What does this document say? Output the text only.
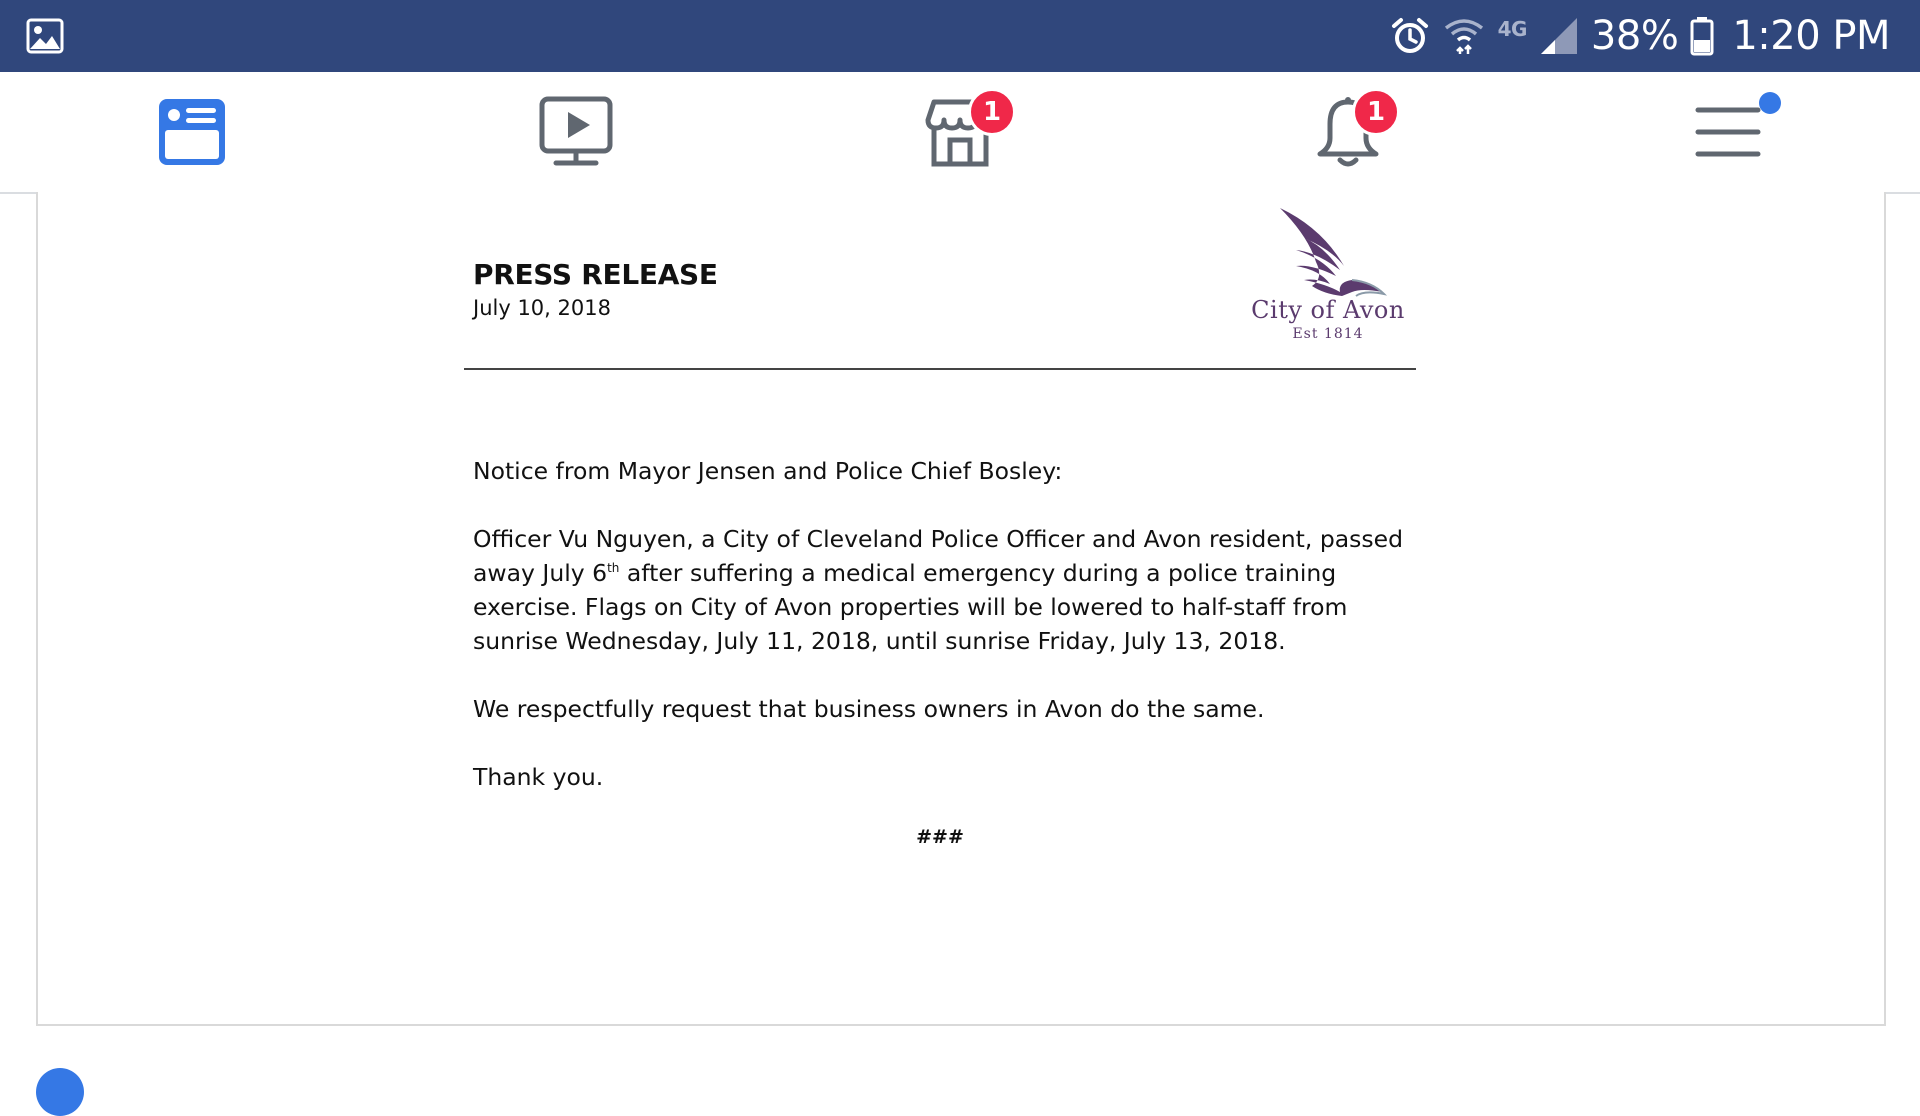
4G 38% 1:20 PM
1	1
PRESS RELEASE
July 10, 2018	City of Avon
Est 1814

Notice from Mayor Jensen and Police Chief Bosley:

Officer Vu Nguyen, a City of Cleveland Police Officer and Avon resident, passed away July 6th after suffering a medical emergency during a police training exercise. Flags on City of Avon properties will be lowered to half-staff from sunrise Wednesday, July 11, 2018, until sunrise Friday, July 13, 2018.

We respectfully request that business owners in Avon do the same.

Thank you.

###
